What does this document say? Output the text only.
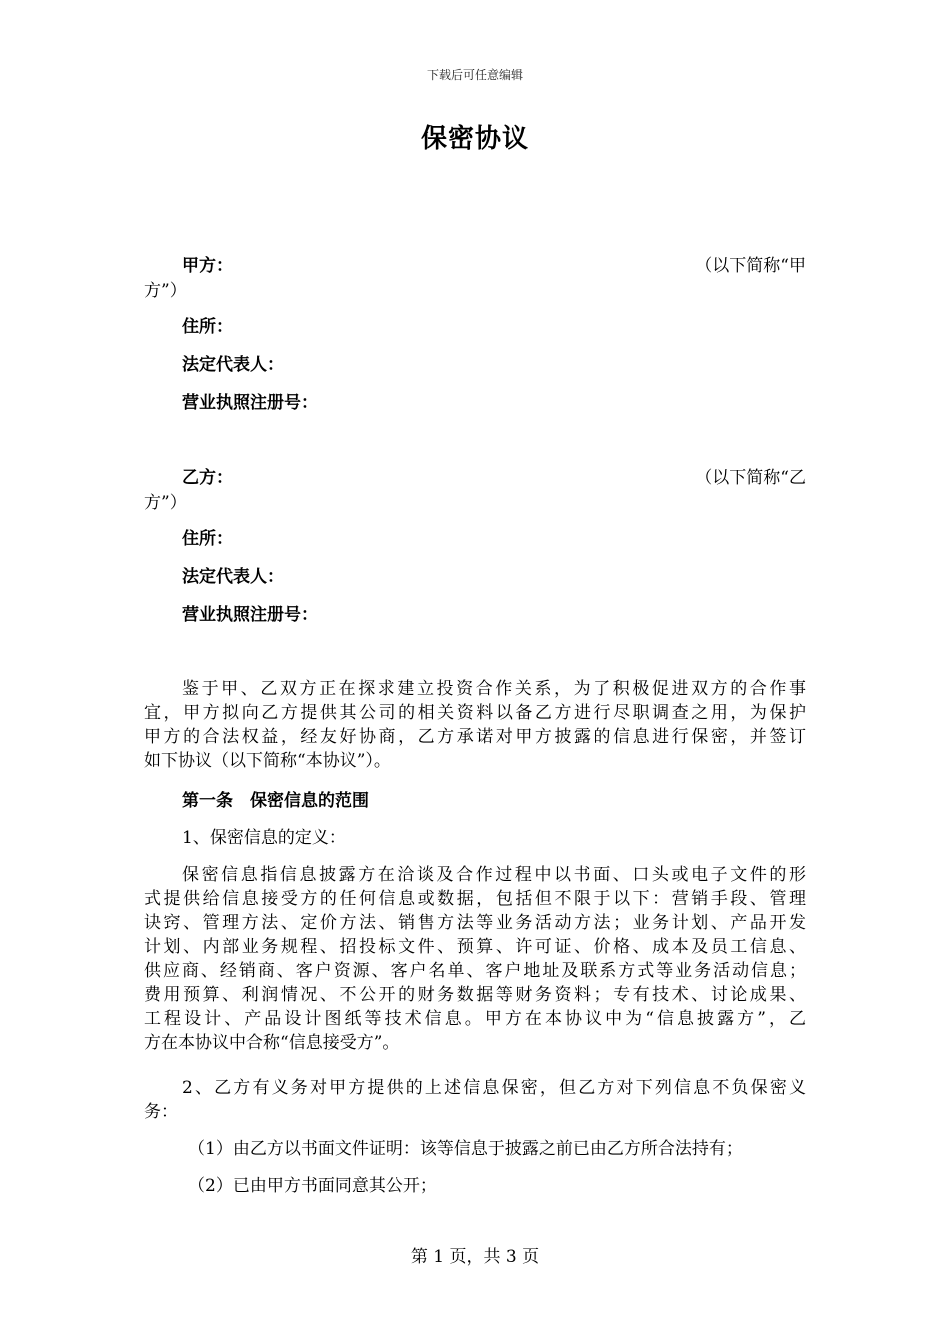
下载后可任意编辑
保密协议
甲方：	（以下简称“甲
方”）
住所：
法定代表人：
营业执照注册号：
乙方：	（以下简称“乙
方”）
住所：
法定代表人：
营业执照注册号：
鉴于甲、乙双方正在探求建立投资合作关系，为了积极促进双方的合作事
宜，甲方拟向乙方提供其公司的相关资料以备乙方进行尽职调查之用，为保护
甲方的合法权益，经友好协商，乙方承诺对甲方披露的信息进行保密，并签订
如下协议（以下简称“本协议”）。
第一条　保密信息的范围
1、保密信息的定义：
保密信息指信息披露方在洽谈及合作过程中以书面、口头或电子文件的形
式提供给信息接受方的任何信息或数据，包括但不限于以下：营销手段、管理
诀窍、管理方法、定价方法、销售方法等业务活动方法；业务计划、产品开发
计划、内部业务规程、招投标文件、预算、许可证、价格、成本及员工信息、
供应商、经销商、客户资源、客户名单、客户地址及联系方式等业务活动信息；
费用预算、利润情况、不公开的财务数据等财务资料；专有技术、讨论成果、
工程设计、产品设计图纸等技术信息。甲方在本协议中为“信息披露方”，乙
方在本协议中合称“信息接受方”。
2、乙方有义务对甲方提供的上述信息保密，但乙方对下列信息不负保密义
务：
（1）由乙方以书面文件证明：该等信息于披露之前已由乙方所合法持有；
（2）已由甲方书面同意其公开；
第 1 页，共 3 页
